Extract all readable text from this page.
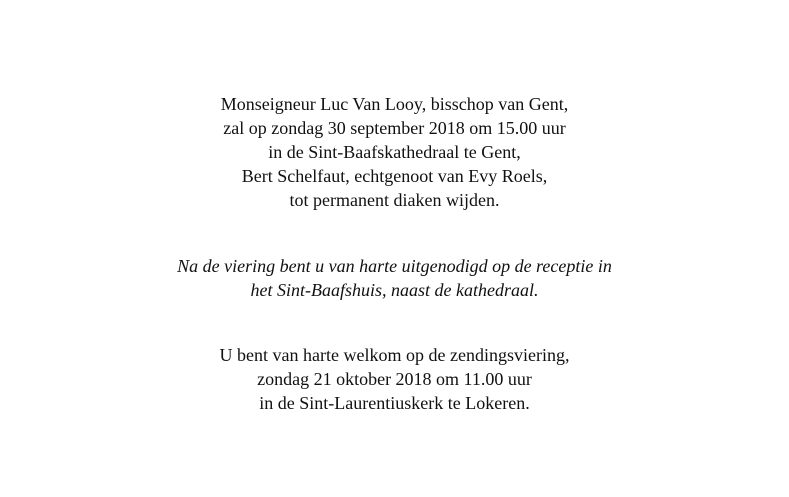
Monseigneur Luc Van Looy, bisschop van Gent,
zal op zondag 30 september 2018 om 15.00 uur
in de Sint-Baafskathedraal te Gent,
Bert Schelfaut, echtgenoot van Evy Roels,
tot permanent diaken wijden.
Na de viering bent u van harte uitgenodigd op de receptie in
het Sint-Baafshuis, naast de kathedraal.
U bent van harte welkom op de zendingsviering,
zondag 21 oktober 2018 om 11.00 uur
in de Sint-Laurentiuskerk te Lokeren.
